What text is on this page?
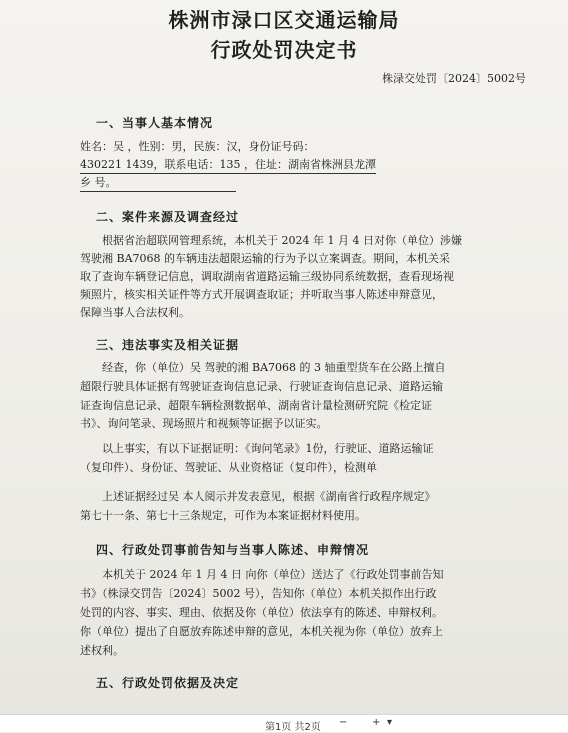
株洲市渌口区交通运输局
行政处罚决定书
株渌交处罚〔2024〕5002号
一、当事人基本情况
姓名：吴 ，性别：男，民族：汉，身份证号码：
430221 1439，联系电话：135 ，住址：湖南省株洲县龙潭
乡 号。
二、案件来源及调查经过
根据省治超联网管理系统，本机关于 2024 年 1 月 4 日对你（单位）涉嫌
驾驶湘 BA7068 的车辆违法超限运输的行为予以立案调查。期间，本机关采
取了查询车辆登记信息，调取湖南省道路运输三级协同系统数据，查看现场视
频照片，核实相关证件等方式开展调查取证；并听取当事人陈述申辩意见，
保障当事人合法权利。
三、违法事实及相关证据
经查，你（单位）吴 驾驶的湘 BA7068 的 3 轴重型货车在公路上擅自
超限行驶具体证据有驾驶证查询信息记录、行驶证查询信息记录、道路运输
证查询信息记录、超限车辆检测数据单、湖南省计量检测研究院《检定证
书》、询问笔录、现场照片和视频等证据予以证实。
以上事实，有以下证据证明：《询问笔录》1份，行驶证、道路运输证
（复印件）、身份证、驾驶证、从业资格证（复印件），检测单
上述证据经过吴 本人阅示并发表意见，根据《湖南省行政程序规定》
第七十一条、第七十三条规定，可作为本案证据材料使用。
四、行政处罚事前告知与当事人陈述、申辩情况
本机关于 2024 年 1 月 4 日 向你（单位）送达了《行政处罚事前告知
书》（株渌交罚告〔2024〕5002 号），告知你（单位）本机关拟作出行政
处罚的内容、事实、理由、依据及你（单位）依法享有的陈述、申辩权利。
你（单位）提出了自愿放弃陈述申辩的意见，本机关视为你（单位）放弃上
述权利。
五、行政处罚依据及决定
第1页 共2页 − + ▾
